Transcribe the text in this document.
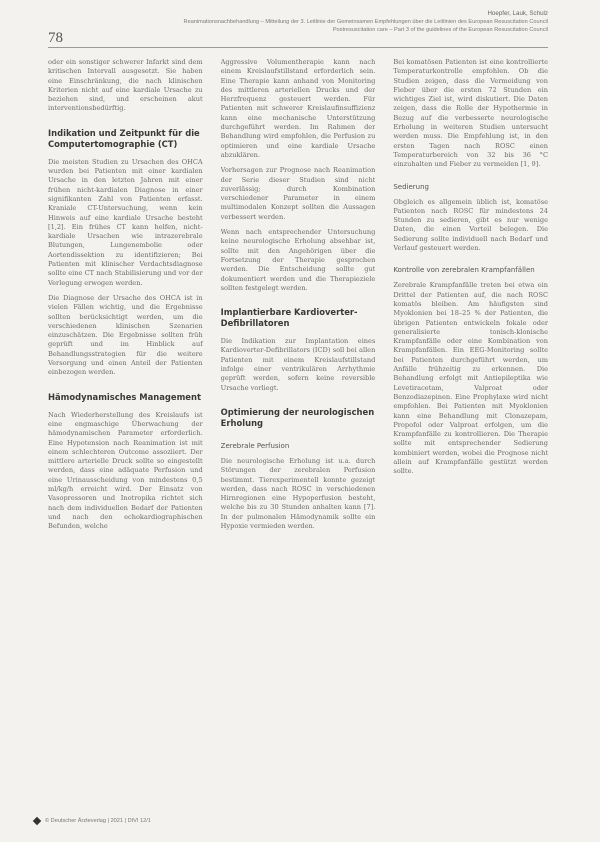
78
Hoepfer, Lauk, Schulz
Reanimationsnachbehandlung – Mitteilung der 3. Leitlinie der Gemeinsamen Empfehlungen über die Leitlinien des European Resuscitation Council
Postresuscitation care – Part 3 of the guidelines of the European Resuscitation Council

oder ein sonstiger schwerer Infarkt sind dem kritischen Intervall ausgesetzt. Sie haben eine Einschränkung, die nach klinischen Kriterien nicht auf eine kardiale Ursache zu beziehen sind, und erscheinen akut interventionsbedürftig.

Indikation und Zeitpunkt für die Computertomographie (CT)

Die meisten Studien zu Ursachen des OHCA wurden bei Patienten mit einer kardialen Ursache in den letzten Jahren mit einer frühen nicht-kardialen Diagnose in einer signifikanten Zahl von Patienten erfasst. Kraniale CT-Untersuchung, wenn kein Hinweis auf eine kardiale Ursache besteht [1,2]. Ein frühes CT kann helfen, nicht-kardiale Ursachen wie intrazerebrale Blutungen, Lungenembolie oder Aortendissektion zu identifizieren; Bei Patienten mit klinischer Verdachtsdiagnose sollte eine CT nach Stabilisierung und vor der Verlegung erwogen werden.

Die Diagnose der Ursache des OHCA ist in vielen Fällen wichtig, und die Ergebnisse sollten berücksichtigt werden, um die verschiedenen klinischen Szenarien einzuschätzen. Die Ergebnisse sollten früh geprüft und im Hinblick auf Behandlungsstrategien für die weitere Versorgung und einen Anteil der Patienten einbezogen werden.

Hämodynamisches Management

Nach Wiederherstellung des Kreislaufs ist eine engmaschige Überwachung der hämodynamischen Parameter erforderlich. Eine Hypotension nach Reanimation ist mit einem schlechteren Outcome assoziiert. Der mittlere arterielle Druck sollte so eingestellt werden, dass eine adäquate Perfusion und eine Urinausscheidung von mindestens 0,5 ml/kg/h erreicht wird. Der Einsatz von Vasopressoren und Inotropika richtet sich nach dem individuellen Bedarf der Patienten und nach den echokardiographischen Befunden, welche

Aggressive Volumentherapie kann nach einem Kreislaufstillstand erforderlich sein. Eine Therapie kann anhand von Monitoring des mittleren arteriellen Drucks und der Herzfrequenz gesteuert werden. Für Patienten mit schwerer Kreislaufinsuffizienz kann eine mechanische Unterstützung durchgeführt werden. Im Rahmen der Behandlung wird empfohlen, die Perfusion zu optimieren und eine kardiale Ursache abzuklären.

Vorhersagen zur Prognose nach Reanimation der Serie dieser Studien sind nicht zuverlässig; durch Kombination verschiedener Parameter in einem multimodalen Konzept sollten die Aussagen verbessert werden.

Wenn nach entsprechender Untersuchung keine neurologische Erholung absehbar ist, sollte mit den Angehörigen über die Fortsetzung der Therapie gesprochen werden. Die Entscheidung sollte gut dokumentiert werden und die Therapieziele sollten festgelegt werden.

Implantierbare Kardioverter-Defibrillatoren

Die Indikation zur Implantation eines Kardioverter-Defibrillators (ICD) soll bei allen Patienten mit einem Kreislaufstillstand infolge einer ventrikulären Arrhythmie geprüft werden, sofern keine reversible Ursache vorliegt.

Optimierung der neurologischen Erholung
Zerebrale Perfusion

Die neurologische Erholung ist u.a. durch Störungen der zerebralen Perfusion bestimmt. Tierexperimentell konnte gezeigt werden, dass nach ROSC in verschiedenen Hirnregionen eine Hypoperfusion besteht, welche bis zu 30 Stunden anhalten kann [7]. In der pulmonalen Hämodynamik sollte ein Hypoxie vermieden werden.

Bei komatösen Patienten ist eine kontrollierte Temperaturkontrolle empfohlen. Ob die Studien zeigen, dass die Vermeidung von Fieber über die ersten 72 Stunden ein wichtiges Ziel ist, wird diskutiert. Die Daten zeigen, dass die Rolle der Hypothermie in Bezug auf die verbesserte neurologische Erholung in weiteren Studien untersucht werden muss. Die Empfehlung ist, in den ersten Tagen nach ROSC einen Temperaturbereich von 32 bis 36 °C einzuhalten und Fieber zu vermeiden [1, 9].

Sedierung

Obgleich es allgemein üblich ist, komatöse Patienten nach ROSC für mindestens 24 Stunden zu sedieren, gibt es nur wenige Daten, die einen Vorteil belegen. Die Sedierung sollte individuell nach Bedarf und Verlauf gesteuert werden.

Kontrolle von zerebralen Krampfanfällen

Zerebrale Krampfanfälle treten bei etwa ein Drittel der Patienten auf, die nach ROSC komatös bleiben. Am häufigsten sind Myoklonien bei 18–25 % der Patienten, die übrigen Patienten entwickeln fokale oder generalisierte tonisch-klonische Krampfanfälle oder eine Kombination von Krampfanfällen. Ein EEG-Monitoring sollte bei Patienten durchgeführt werden, um Anfälle frühzeitig zu erkennen. Die Behandlung erfolgt mit Antiepileptika wie Levetiracetam, Valproat oder Benzodiazepinen. Eine Prophylaxe wird nicht empfohlen. Bei Patienten mit Myoklonien kann eine Behandlung mit Clonazepam, Propofol oder Valproat erfolgen, um die Krampfanfälle zu kontrollieren. Die Therapie sollte mit entsprechender Sedierung kombiniert werden, wobei die Prognose nicht allein auf Krampfanfälle gestützt werden sollte.

© Deutscher Ärzteverlag | 2021 | DIVI 12/1
